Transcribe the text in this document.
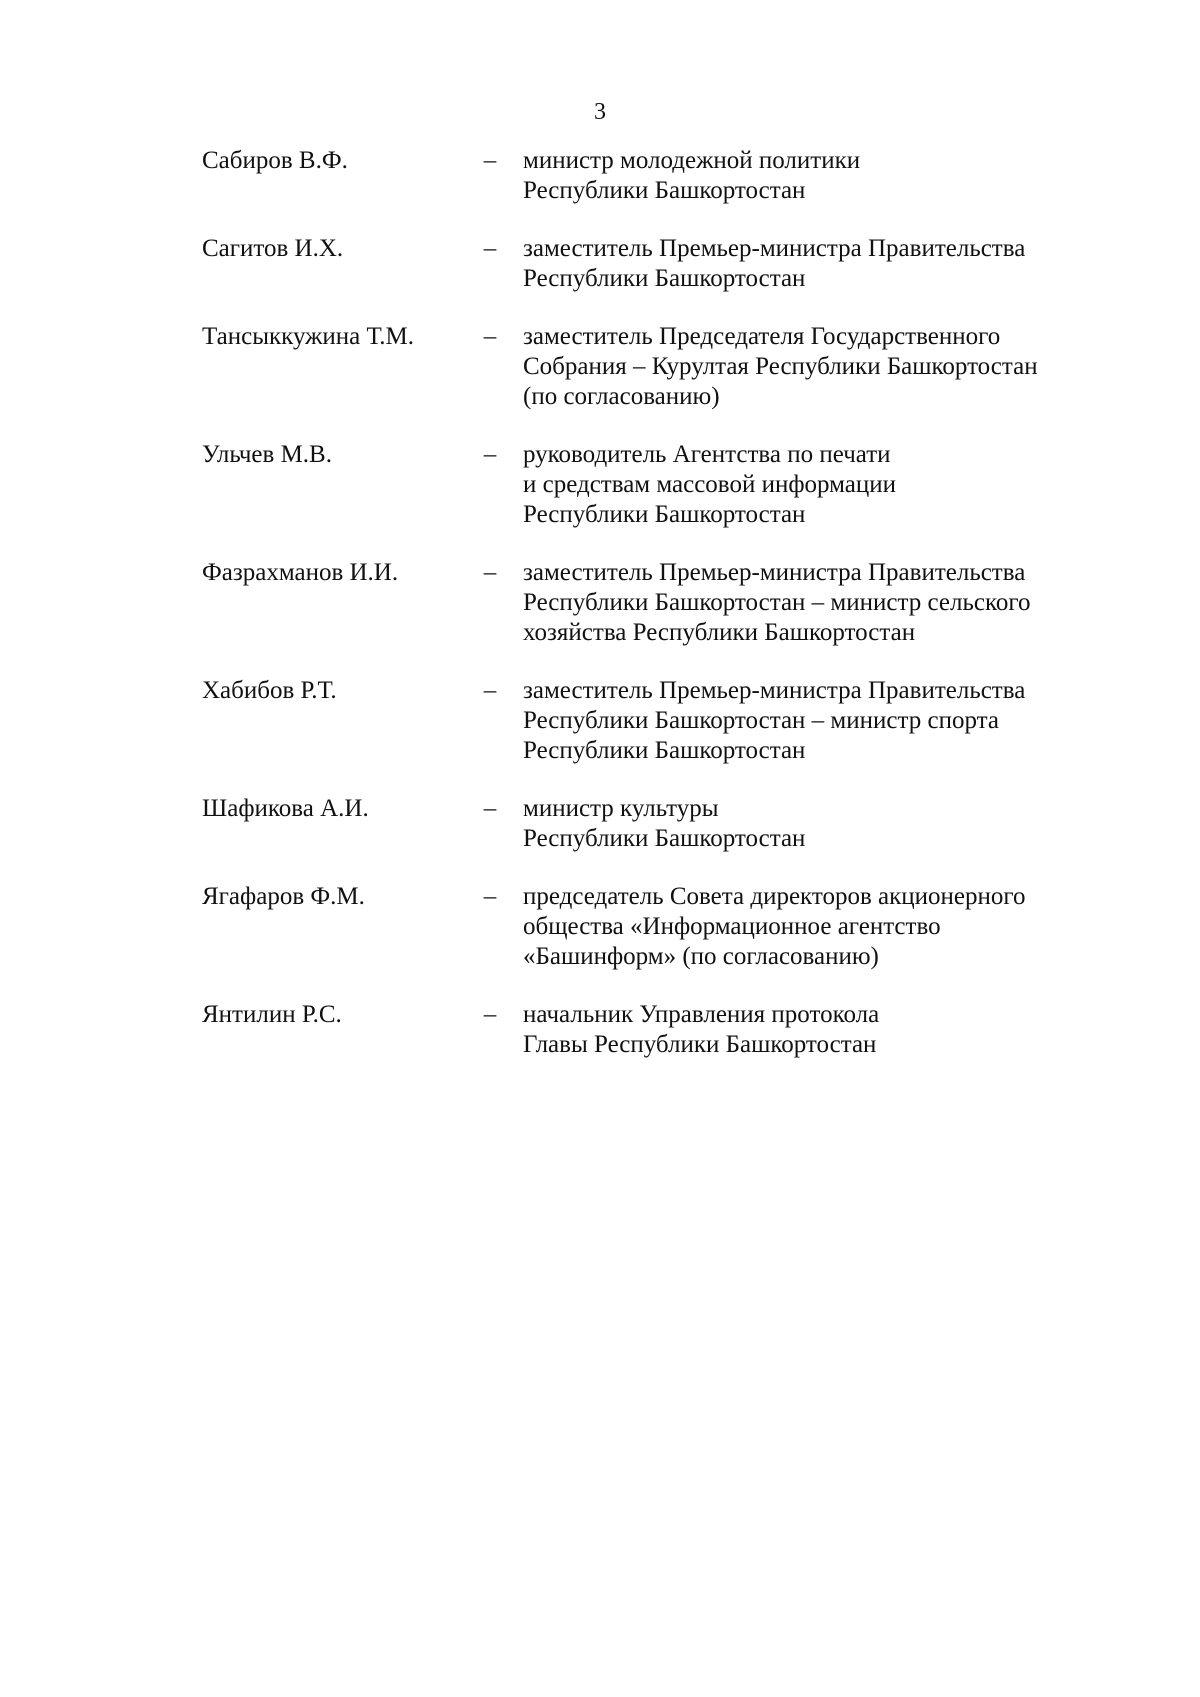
3
Сабиров В.Ф.	– министр молодежной политики
Республики Башкортостан
Сагитов И.Х.	– заместитель Премьер-министра Правительства
Республики Башкортостан
Тансыккужина Т.М.	– заместитель Председателя Государственного
Собрания – Курултая Республики Башкортостан
(по согласованию)
Ульчев М.В.	– руководитель Агентства по печати
и средствам массовой информации
Республики Башкортостан
Фазрахманов И.И.	– заместитель Премьер-министра Правительства
Республики Башкортостан – министр сельского
хозяйства Республики Башкортостан
Хабибов Р.Т.	– заместитель Премьер-министра Правительства
Республики Башкортостан – министр спорта
Республики Башкортостан
Шафикова А.И.	– министр культуры
Республики Башкортостан
Ягафаров Ф.М.	– председатель Совета директоров акционерного
общества «Информационное агентство
«Башинформ» (по согласованию)
Янтилин Р.С.	– начальник Управления протокола
Главы Республики Башкортостан
